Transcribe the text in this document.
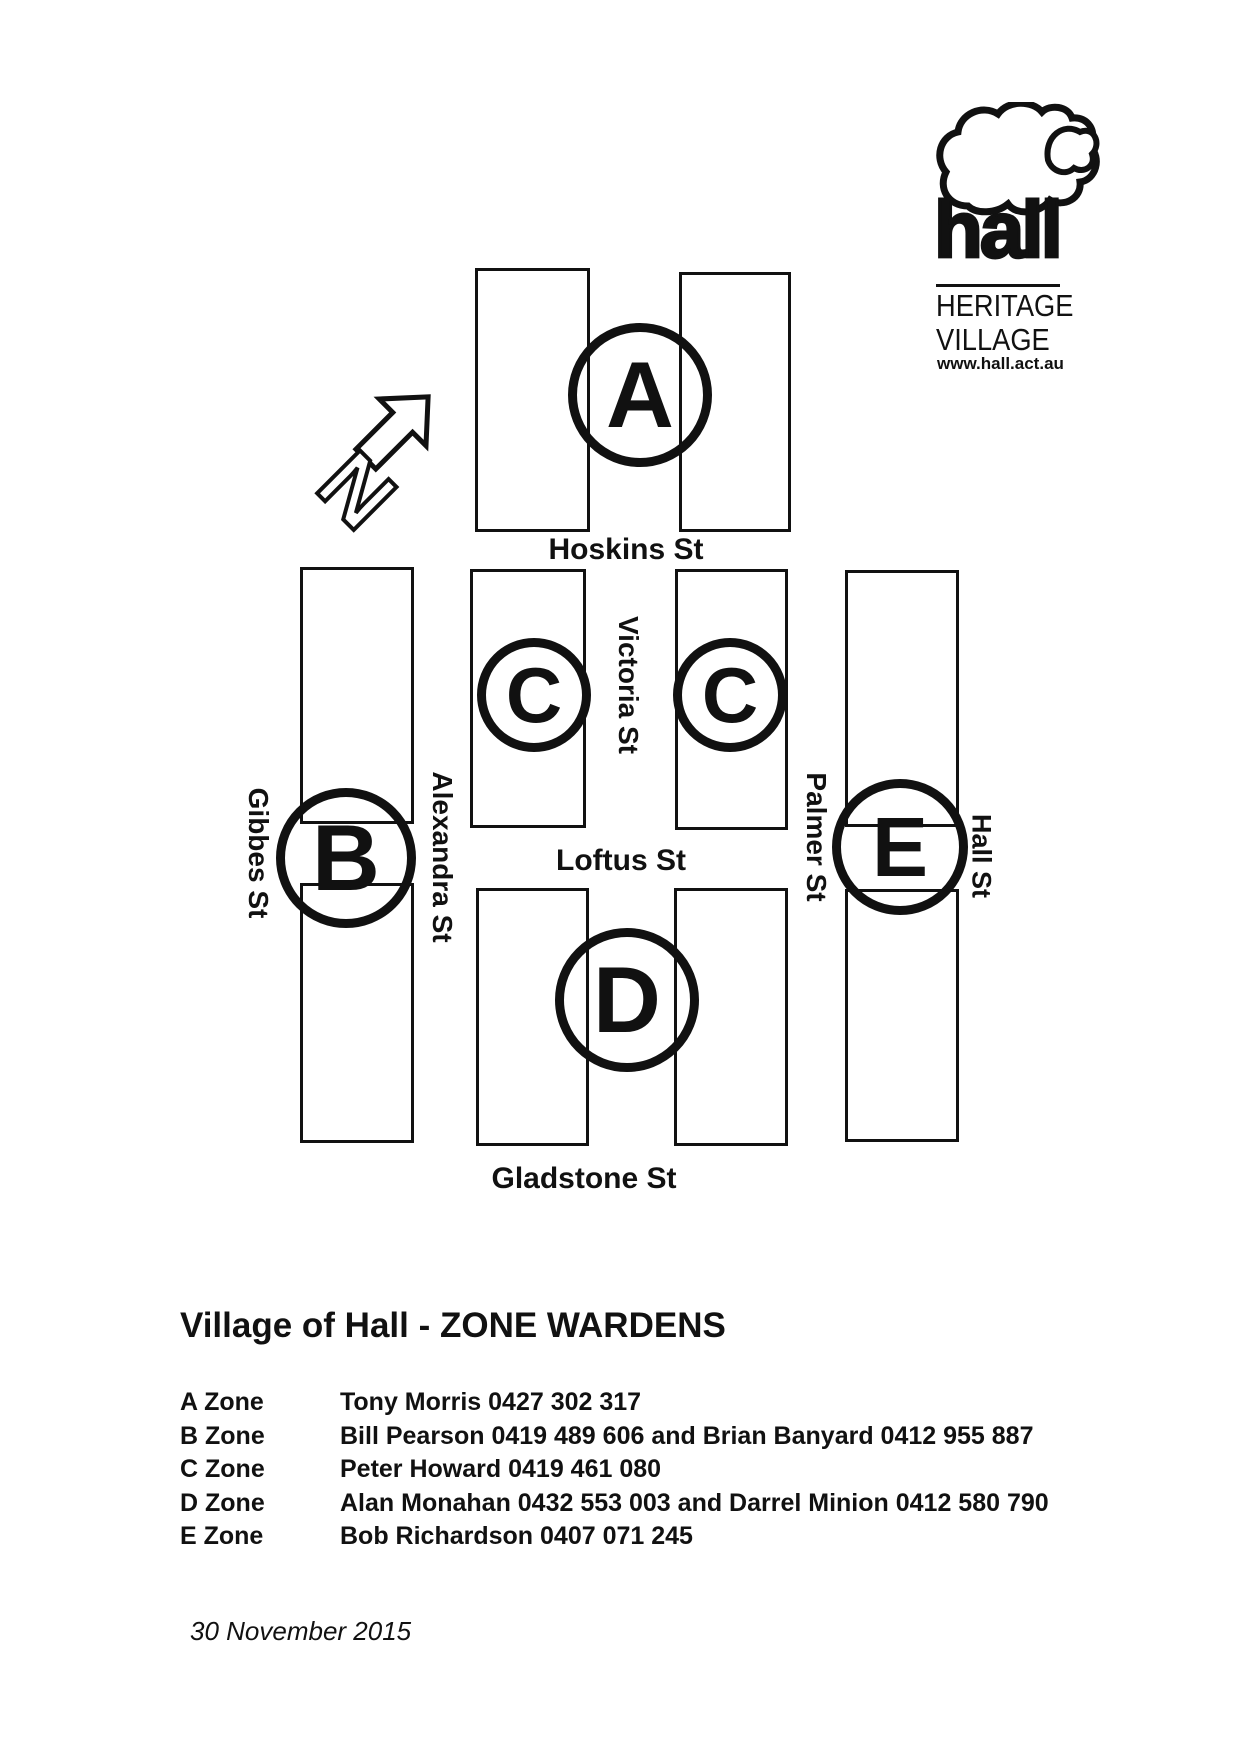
hall
HERITAGE
VILLAGE
www.hall.act.au
N
A
C C
B	E
D
Hoskins St
Victoria St
Gibbes St	Alexandra St	Loftus St	Palmer St	Hall St
Gladstone St
Village of Hall - ZONE WARDENS
A Zone	Tony Morris 0427 302 317
B Zone	Bill Pearson 0419 489 606 and Brian Banyard 0412 955 887
C Zone	Peter Howard 0419 461 080
D Zone	Alan Monahan 0432 553 003 and Darrel Minion 0412 580 790
E Zone	Bob Richardson 0407 071 245
30 November 2015
